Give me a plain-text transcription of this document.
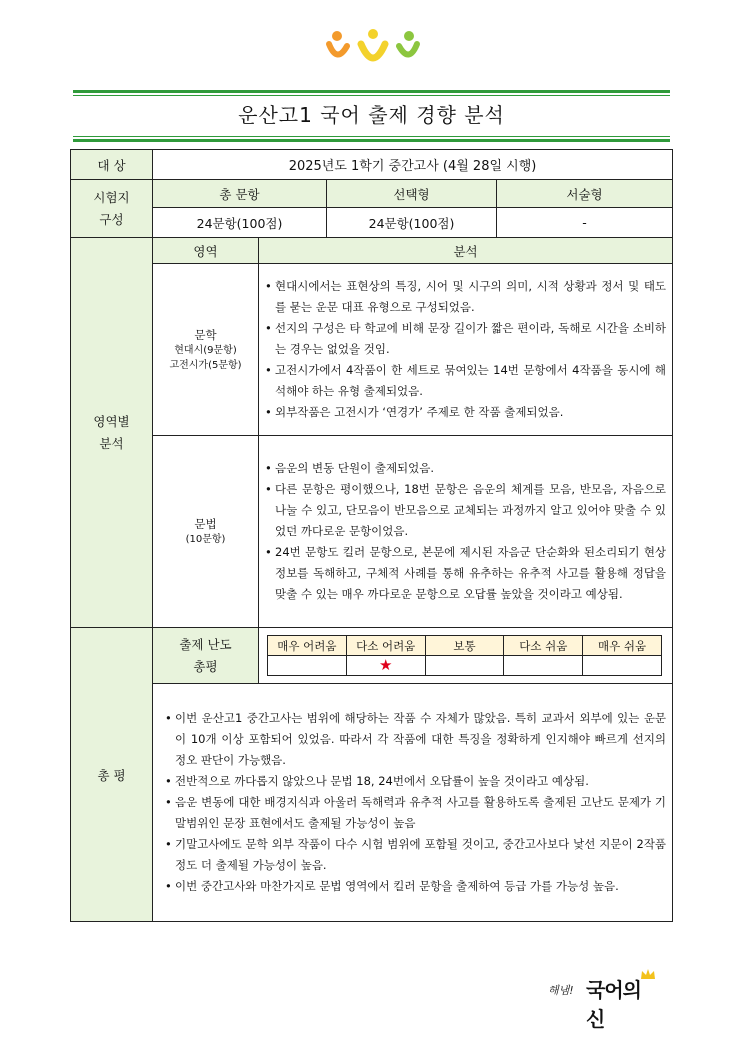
운산고1 국어 출제 경향 분석
대 상	2025년도 1학기 중간고사 (4월 28일 시행)

시험지
구성
	총 문항	선택형	서술형
24문항(100점)	24문항(100점)	-

영역별
분석
	영역	분석

문학
현대시(9문항)
고전시가(5문항)

• 현대시에서는 표현상의 특징, 시어 및 시구의 의미, 시적 상황과 정서 및 태도를 묻는 운문 대표 유형으로 구성되었음.
• 선지의 구성은 타 학교에 비해 문장 길이가 짧은 편이라, 독해로 시간을 소비하는 경우는 없었을 것임.
• 고전시가에서 4작품이 한 세트로 묶여있는 14번 문항에서 4작품을 동시에 해석해야 하는 유형 출제되었음.
• 외부작품은 고전시가 ‘연경가’ 주제로 한 작품 출제되었음.

문법
(10문항)

• 음운의 변동 단원이 출제되었음.
• 다른 문항은 평이했으나, 18번 문항은 음운의 체계를 모음, 반모음, 자음으로 나눌 수 있고, 단모음이 반모음으로 교체되는 과정까지 알고 있어야 맞출 수 있었던 까다로운 문항이었음.
• 24번 문항도 킬러 문항으로, 본문에 제시된 자음군 단순화와 된소리되기 현상 정보를 독해하고, 구체적 사례를 통해 유추하는 유추적 사고를 활용해 정답을 맞출 수 있는 매우 까다로운 문항으로 오답률 높았을 것이라고 예상됨.

총 평	
출제 난도
총평

매우 어려움	다소 어려움	보통	다소 쉬움	매우 쉬움
	★			

• 이번 운산고1 중간고사는 범위에 해당하는 작품 수 자체가 많았음. 특히 교과서 외부에 있는 운문이 10개 이상 포함되어 있었음. 따라서 각 작품에 대한 특징을 정확하게 인지해야 빠르게 선지의 정오 판단이 가능했음.
• 전반적으로 까다롭지 않았으나 문법 18, 24번에서 오답률이 높을 것이라고 예상됨.
• 음운 변동에 대한 배경지식과 아울러 독해력과 유추적 사고를 활용하도록 출제된 고난도 문제가 기말범위인 문장 표현에서도 출제될 가능성이 높음
• 기말고사에도 문학 외부 작품이 다수 시험 범위에 포함될 것이고, 중간고사보다 낯선 지문이 2작품 정도 더 출제될 가능성이 높음.
• 이번 중간고사와 마찬가지로 문법 영역에서 킬러 문항을 출제하여 등급 가를 가능성 높음.
해냄! 국어의신
